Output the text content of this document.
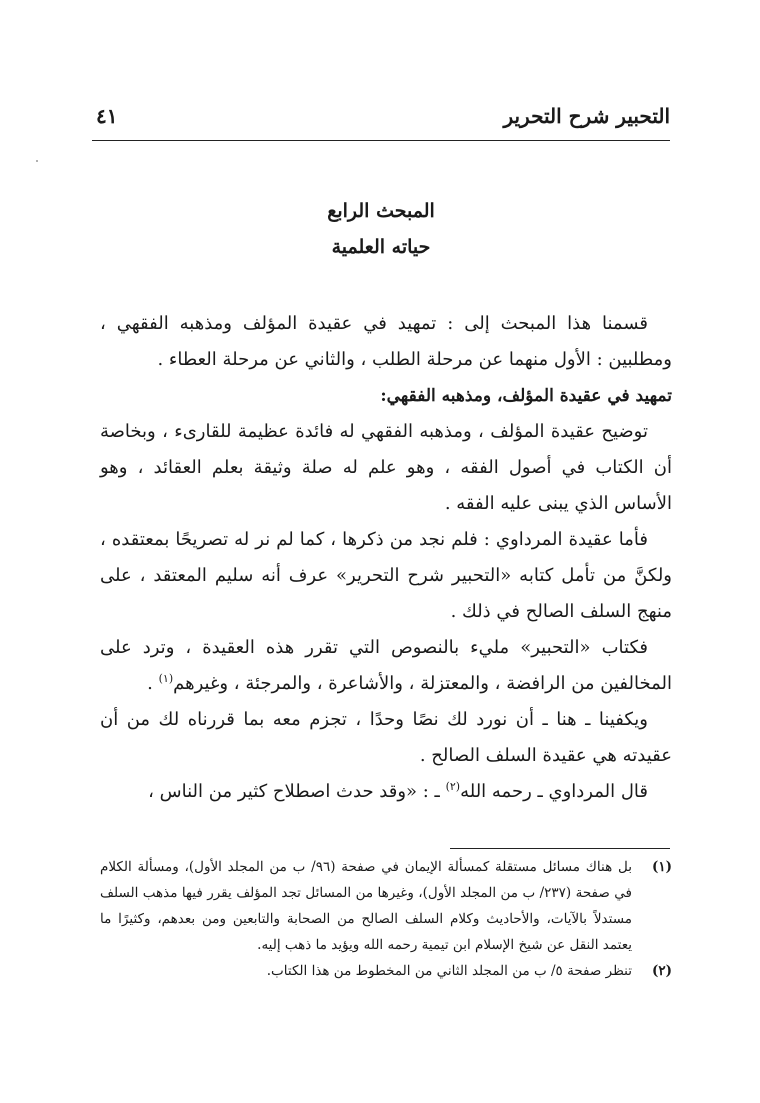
التحبير شرح التحرير
٤١
المبحث الرابع
حياته العلمية

قسمنا هذا المبحث إلى : تمهيد في عقيدة المؤلف ومذهبه الفقهي ، ومطلبين : الأول منهما عن مرحلة الطلب ، والثاني عن مرحلة العطاء .

تمهيد في عقيدة المؤلف، ومذهبه الفقهي:

توضيح عقيدة المؤلف ، ومذهبه الفقهي له فائدة عظيمة للقارىء ، وبخاصة أن الكتاب في أصول الفقه ، وهو علم له صلة وثيقة بعلم العقائد ، وهو الأساس الذي يبنى عليه الفقه .

فأما عقيدة المرداوي : فلم نجد من ذكرها ، كما لم نر له تصريحًا بمعتقده ، ولكنَّ من تأمل كتابه «التحبير شرح التحرير» عرف أنه سليم المعتقد ، على منهج السلف الصالح في ذلك .

فكتاب «التحبير» مليء بالنصوص التي تقرر هذه العقيدة ، وترد على المخالفين من الرافضة ، والمعتزلة ، والأشاعرة ، والمرجئة ، وغيرهم$^{(١)}$ .

ويكفينا ـ هنا ـ أن نورد لك نصًا وحدًا ، تجزم معه بما قررناه لك من أن عقيدته هي عقيدة السلف الصالح .

قال المرداوي ـ رحمه الله$^{(٢)}$ ـ : «وقد حدث اصطلاح كثير من الناس ،

(١)
بل هناك مسائل مستقلة كمسألة الإيمان في صفحة (٩٦/ ب من المجلد الأول)، ومسألة الكلام في صفحة (٢٣٧/ ب من المجلد الأول)، وغيرها من المسائل تجد المؤلف يقرر فيها مذهب السلف مستدلاً بالآيات، والأحاديث وكلام السلف الصالح من الصحابة والتابعين ومن بعدهم، وكثيرًا ما يعتمد النقل عن شيخ الإسلام ابن تيمية رحمه الله ويؤيد ما ذهب إليه.
(٢)
تنظر صفحة ٥/ ب من المجلد الثاني من المخطوط من هذا الكتاب.
